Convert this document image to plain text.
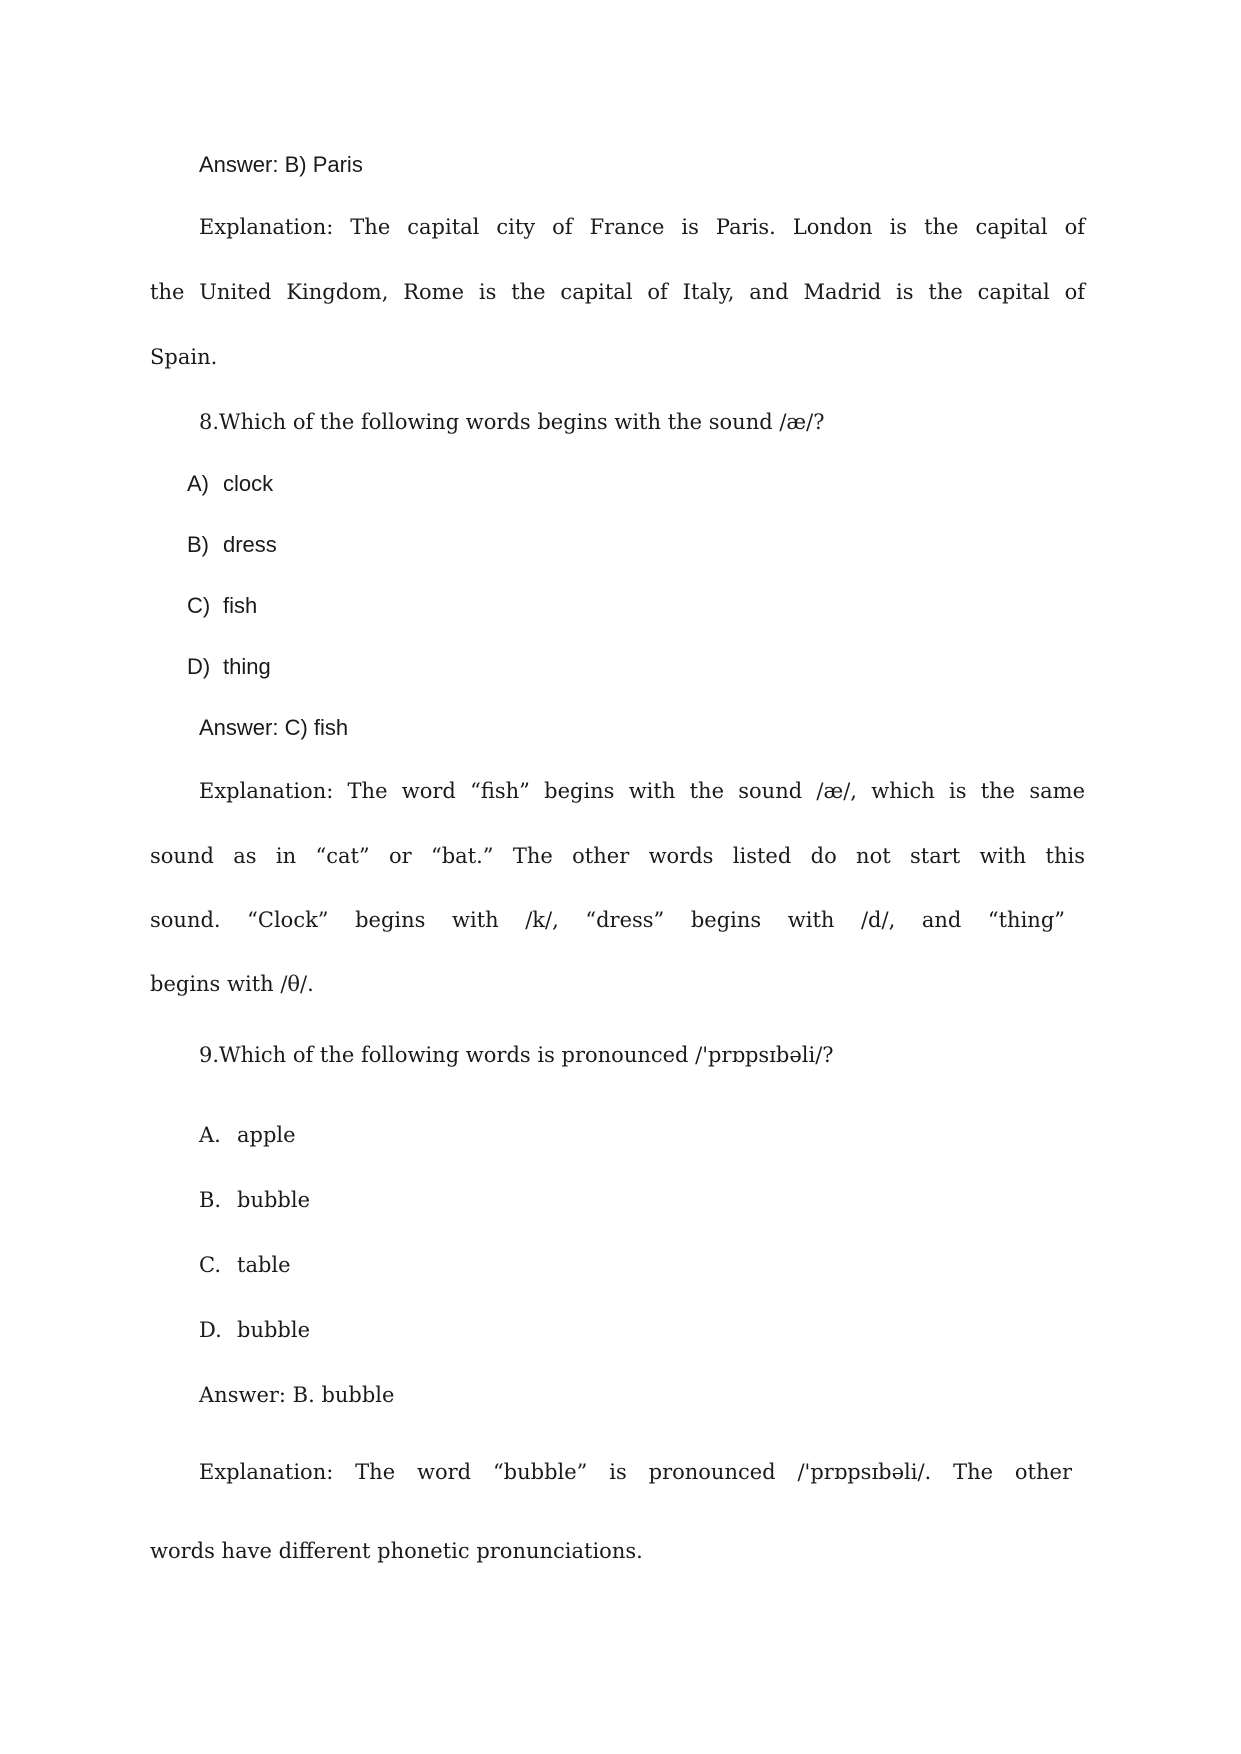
Answer: B) Paris
Explanation: The capital city of France is Paris. London is the capital of
the United Kingdom, Rome is the capital of Italy, and Madrid is the capital of
Spain.
8.Which of the following words begins with the sound /æ/?
A) clock
B) dress
C) fish
D) thing
Answer: C) fish
Explanation: The word “fish” begins with the sound /æ/, which is the same
sound as in “cat” or “bat.” The other words listed do not start with this
sound. “Clock” begins with /k/, “dress” begins with /d/, and “thing”
begins with /θ/.
9.Which of the following words is pronounced /'prɒpsɪbəli/?
A. apple
B. bubble
C. table
D. bubble
Answer: B. bubble
Explanation: The word “bubble” is pronounced /'prɒpsɪbəli/. The other
words have different phonetic pronunciations.
